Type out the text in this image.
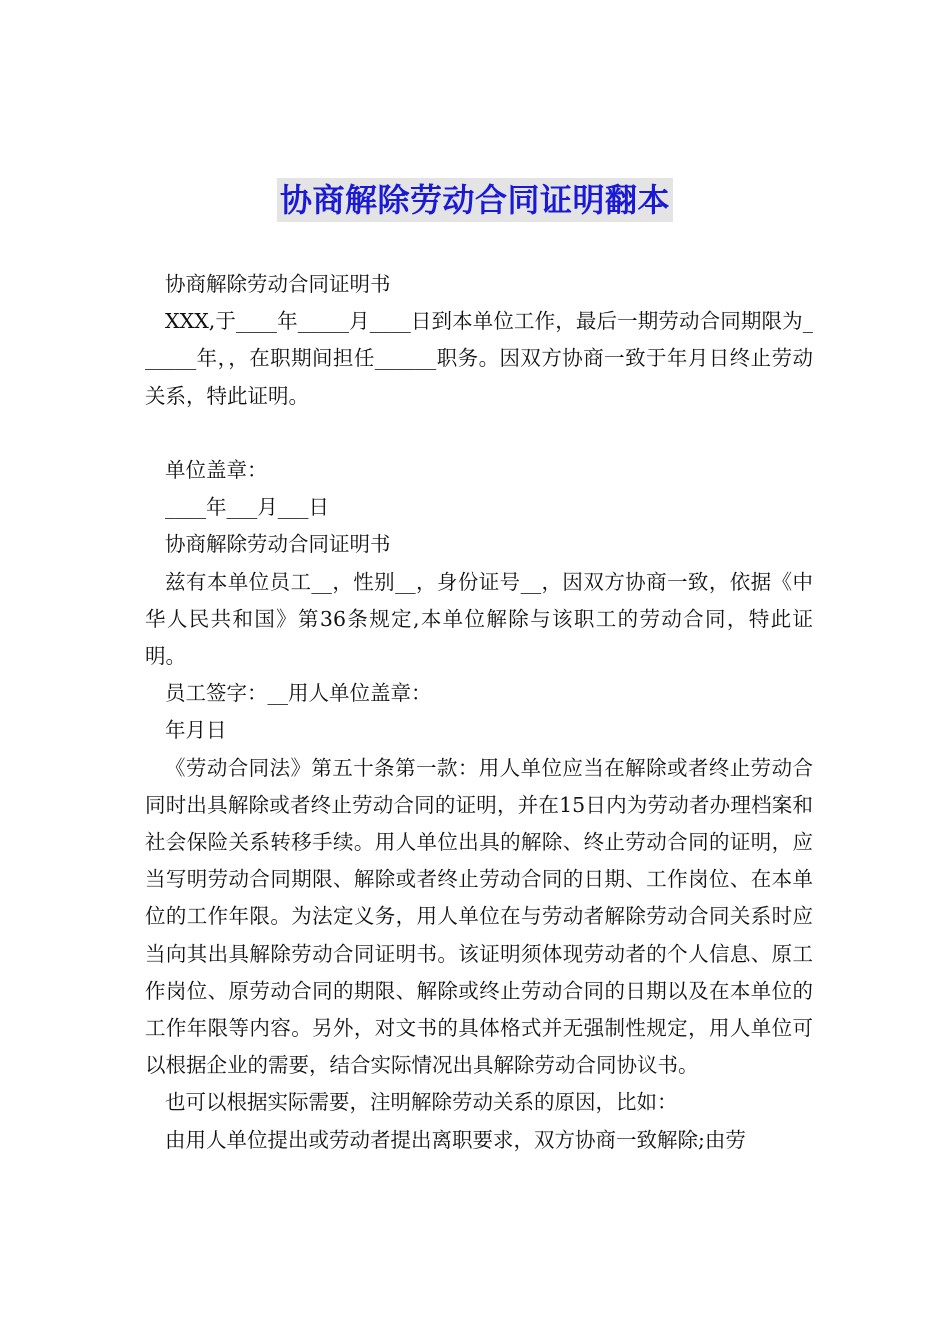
协商解除劳动合同证明翻本

协商解除劳动合同证明书

XXX,于____年_____月____日到本单位工作，最后一期劳动合同期限为______年，，在职期间担任______职务。因双方协商一致于年月日终止劳动关系，特此证明。

单位盖章：

____年___月___日

协商解除劳动合同证明书

兹有本单位员工__，性别__，身份证号__，因双方协商一致，依据《中华人民共和国》第36条规定,本单位解除与该职工的劳动合同，特此证明。

员工签字：__用人单位盖章：

年月日

《劳动合同法》第五十条第一款：用人单位应当在解除或者终止劳动合同时出具解除或者终止劳动合同的证明，并在15日内为劳动者办理档案和社会保险关系转移手续。用人单位出具的解除、终止劳动合同的证明，应当写明劳动合同期限、解除或者终止劳动合同的日期、工作岗位、在本单位的工作年限。为法定义务，用人单位在与劳动者解除劳动合同关系时应当向其出具解除劳动合同证明书。该证明须体现劳动者的个人信息、原工作岗位、原劳动合同的期限、解除或终止劳动合同的日期以及在本单位的工作年限等内容。另外，对文书的具体格式并无强制性规定，用人单位可以根据企业的需要，结合实际情况出具解除劳动合同协议书。

也可以根据实际需要，注明解除劳动关系的原因，比如：

由用人单位提出或劳动者提出离职要求，双方协商一致解除;由劳
